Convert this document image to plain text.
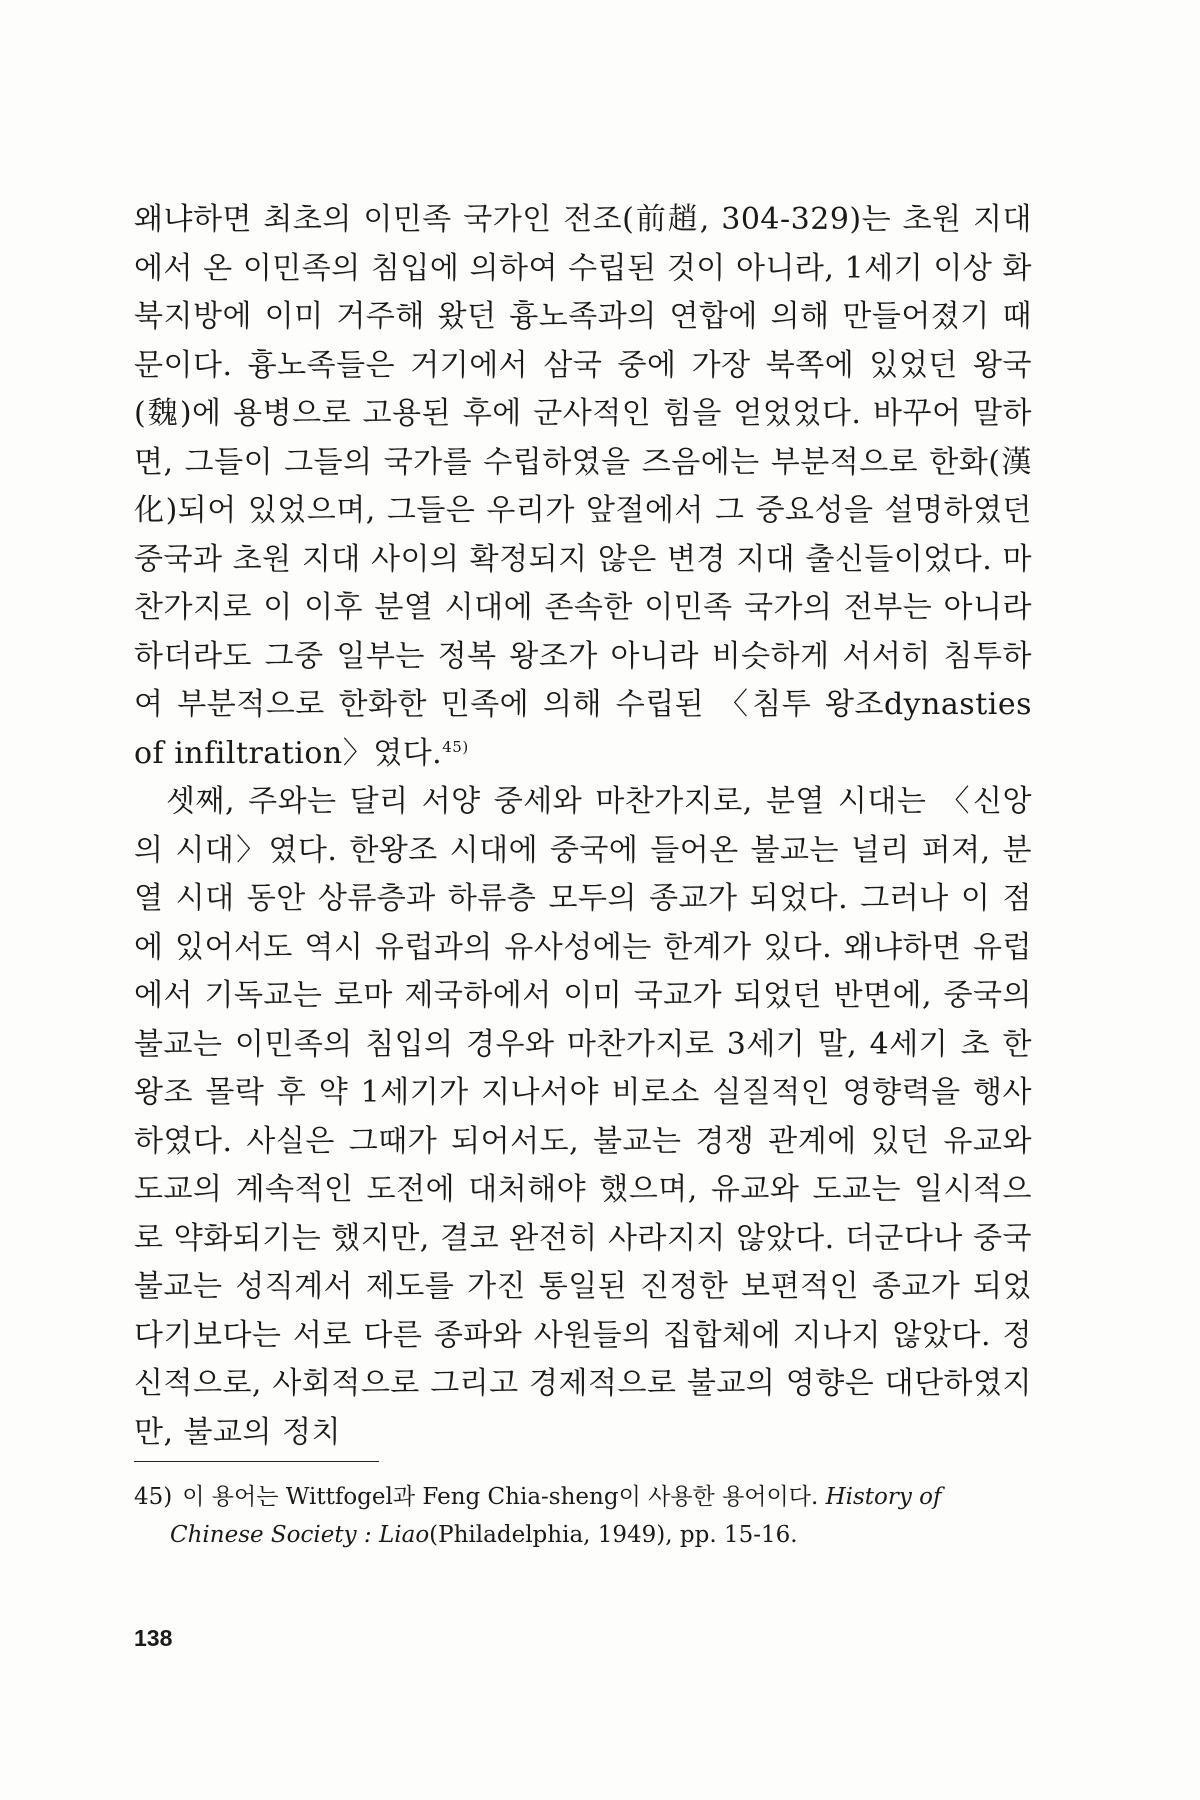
왜냐하면 최초의 이민족 국가인 전조(前趙, 304-329)는 초원 지대에서 온 이민족의 침입에 의하여 수립된 것이 아니라, 1세기 이상 화북지방에 이미 거주해 왔던 흉노족과의 연합에 의해 만들어졌기 때문이다. 흉노족들은 거기에서 삼국 중에 가장 북쪽에 있었던 왕국(魏)에 용병으로 고용된 후에 군사적인 힘을 얻었었다. 바꾸어 말하면, 그들이 그들의 국가를 수립하였을 즈음에는 부분적으로 한화(漢化)되어 있었으며, 그들은 우리가 앞절에서 그 중요성을 설명하였던 중국과 초원 지대 사이의 확정되지 않은 변경 지대 출신들이었다. 마찬가지로 이 이후 분열 시대에 존속한 이민족 국가의 전부는 아니라 하더라도 그중 일부는 정복 왕조가 아니라 비슷하게 서서히 침투하여 부분적으로 한화한 민족에 의해 수립된 〈침투 왕조dynasties of infiltration〉였다.$^{45)}$

셋째, 주와는 달리 서양 중세와 마찬가지로, 분열 시대는 〈신앙의 시대〉였다. 한왕조 시대에 중국에 들어온 불교는 널리 퍼져, 분열 시대 동안 상류층과 하류층 모두의 종교가 되었다. 그러나 이 점에 있어서도 역시 유럽과의 유사성에는 한계가 있다. 왜냐하면 유럽에서 기독교는 로마 제국하에서 이미 국교가 되었던 반면에, 중국의 불교는 이민족의 침입의 경우와 마찬가지로 3세기 말, 4세기 초 한왕조 몰락 후 약 1세기가 지나서야 비로소 실질적인 영향력을 행사하였다. 사실은 그때가 되어서도, 불교는 경쟁 관계에 있던 유교와 도교의 계속적인 도전에 대처해야 했으며, 유교와 도교는 일시적으로 약화되기는 했지만, 결코 완전히 사라지지 않았다. 더군다나 중국 불교는 성직계서 제도를 가진 통일된 진정한 보편적인 종교가 되었다기보다는 서로 다른 종파와 사원들의 집합체에 지나지 않았다. 정신적으로, 사회적으로 그리고 경제적으로 불교의 영향은 대단하였지만, 불교의 정치

45) 이 용어는 Wittfogel과 Feng Chia-sheng이 사용한 용어이다. History of
Chinese Society : Liao(Philadelphia, 1949), pp. 15-16.
138
